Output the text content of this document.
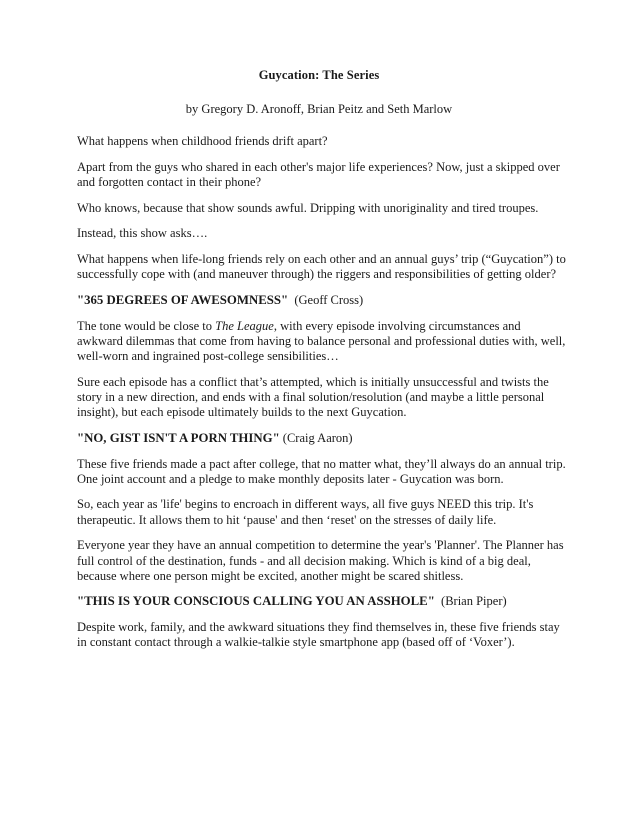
Guycation: The Series
by Gregory D. Aronoff, Brian Peitz and Seth Marlow

What happens when childhood friends drift apart?

Apart from the guys who shared in each other's major life experiences? Now, just a skipped over and forgotten contact in their phone?

Who knows, because that show sounds awful. Dripping with unoriginality and tired troupes.

Instead, this show asks….

What happens when life-long friends rely on each other and an annual guys’ trip (“Guycation”) to successfully cope with (and maneuver through) the riggers and responsibilities of getting older?

"365 DEGREES OF AWESOMNESS" (Geoff Cross)

The tone would be close to The League, with every episode involving circumstances and awkward dilemmas that come from having to balance personal and professional duties with, well, well-worn and ingrained post-college sensibilities…

Sure each episode has a conflict that’s attempted, which is initially unsuccessful and twists the story in a new direction, and ends with a final solution/resolution (and maybe a little personal insight), but each episode ultimately builds to the next Guycation.

"NO, GIST ISN'T A PORN THING" (Craig Aaron)

These five friends made a pact after college, that no matter what, they’ll always do an annual trip. One joint account and a pledge to make monthly deposits later - Guycation was born.

So, each year as 'life' begins to encroach in different ways, all five guys NEED this trip. It's therapeutic. It allows them to hit ‘pause' and then ‘reset' on the stresses of daily life.

Everyone year they have an annual competition to determine the year's 'Planner'. The Planner has full control of the destination, funds - and all decision making. Which is kind of a big deal, because where one person might be excited, another might be scared shitless.

"THIS IS YOUR CONSCIOUS CALLING YOU AN ASSHOLE" (Brian Piper)

Despite work, family, and the awkward situations they find themselves in, these five friends stay in constant contact through a walkie-talkie style smartphone app (based off of ‘Voxer’).
